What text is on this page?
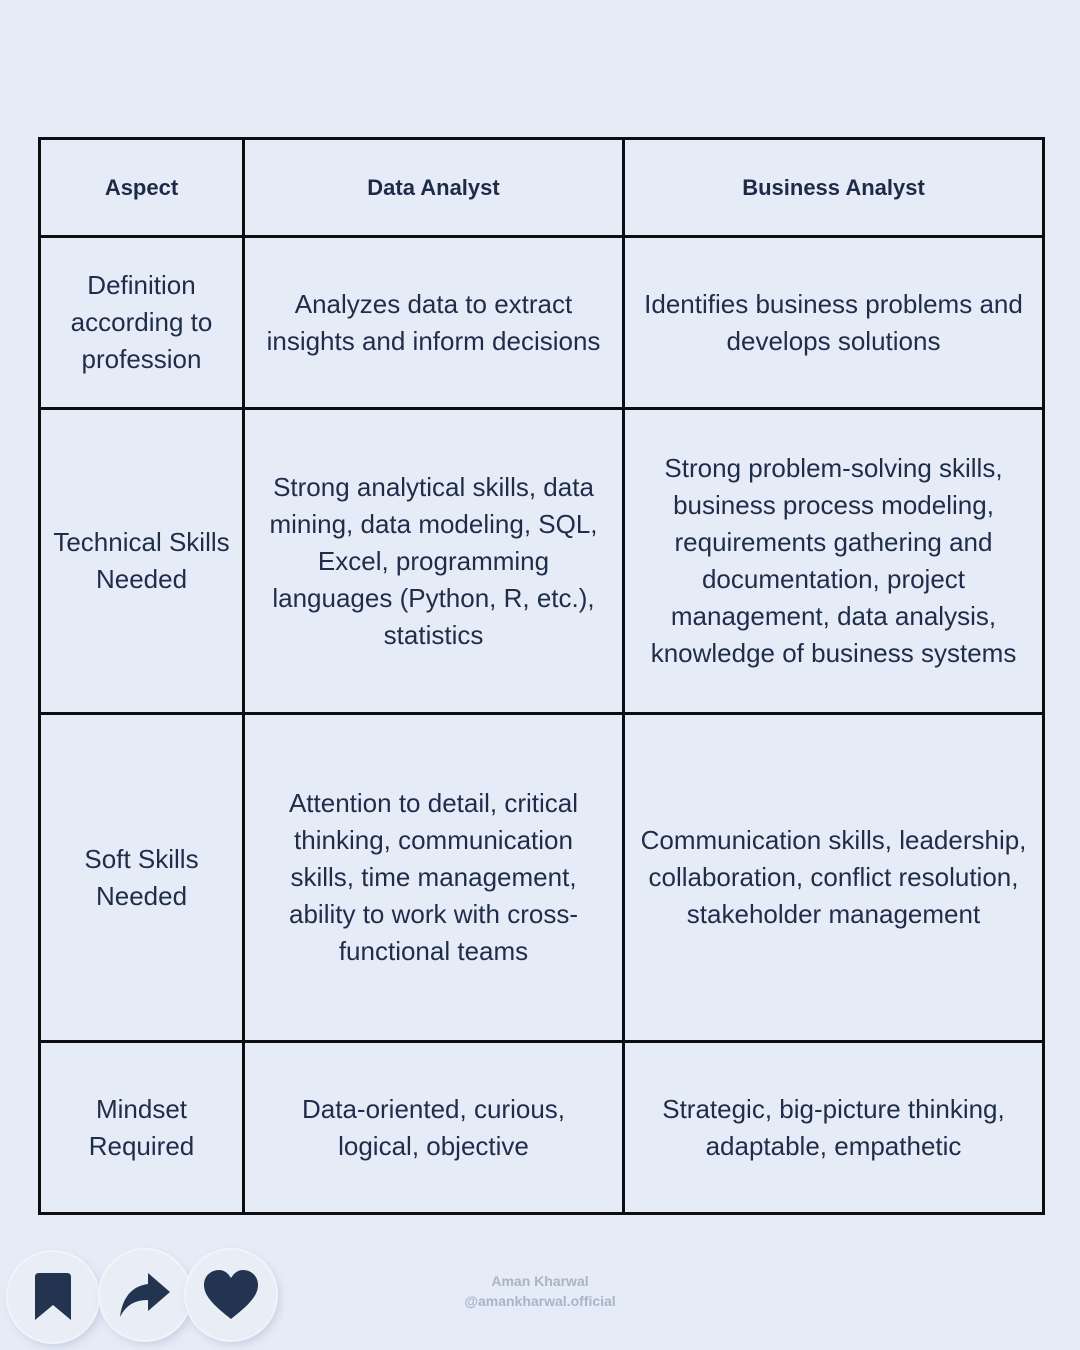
Aspect	Data Analyst	Business Analyst
Definition according to profession	Analyzes data to extract insights and inform decisions	Identifies business problems and develops solutions
Technical Skills Needed	Strong analytical skills, data mining, data modeling, SQL, Excel, programming languages (Python, R, etc.), statistics	Strong problem-solving skills, business process modeling, requirements gathering and documentation, project management, data analysis, knowledge of business systems
Soft Skills Needed	Attention to detail, critical thinking, communication skills, time management, ability to work with cross-functional teams	Communication skills, leadership, collaboration, conflict resolution, stakeholder management
Mindset Required	Data-oriented, curious, logical, objective	Strategic, big-picture thinking, adaptable, empathetic
Aman Kharwal
@amankharwal.official
